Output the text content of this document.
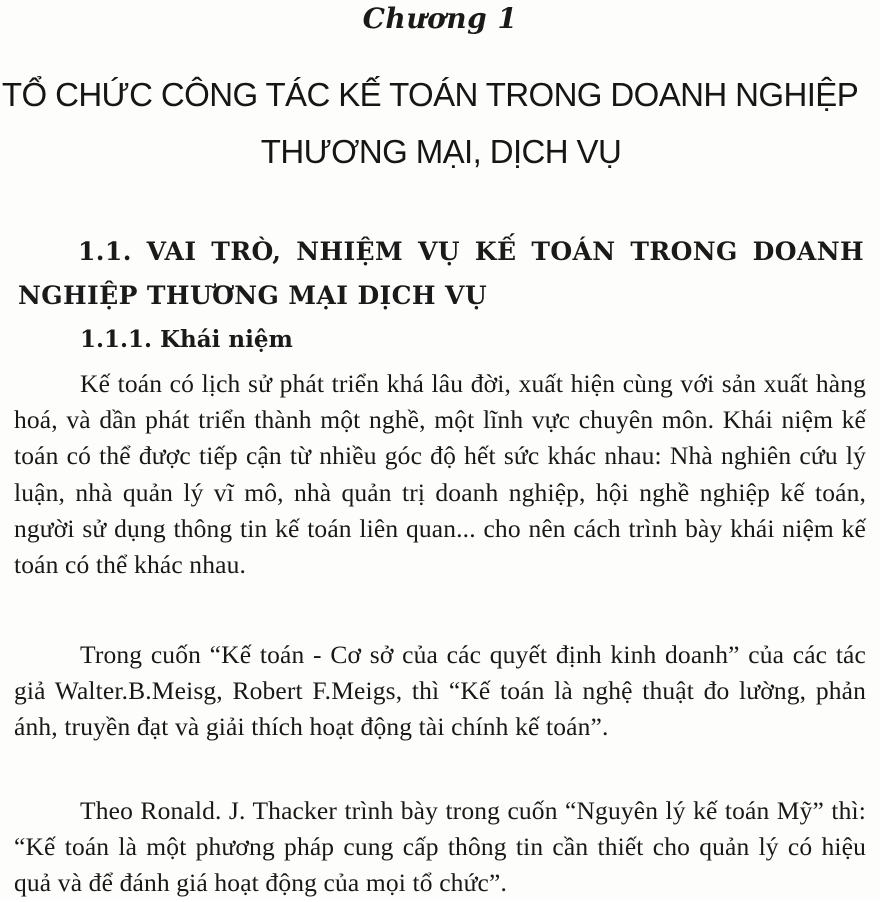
Chương 1
TỔ CHỨC CÔNG TÁC KẾ TOÁN TRONG DOANH NGHIỆP
THƯƠNG MẠI, DỊCH VỤ
1.1. VAI TRÒ, NHIỆM VỤ KẾ TOÁN TRONG DOANH NGHIỆP THƯƠNG MẠI DỊCH VỤ
1.1.1. Khái niệm
Kế toán có lịch sử phát triển khá lâu đời, xuất hiện cùng với sản xuất hàng hoá, và dần phát triển thành một nghề, một lĩnh vực chuyên môn. Khái niệm kế toán có thể được tiếp cận từ nhiều góc độ hết sức khác nhau: Nhà nghiên cứu lý luận, nhà quản lý vĩ mô, nhà quản trị doanh nghiệp, hội nghề nghiệp kế toán, người sử dụng thông tin kế toán liên quan... cho nên cách trình bày khái niệm kế toán có thể khác nhau.
Trong cuốn “Kế toán - Cơ sở của các quyết định kinh doanh” của các tác giả Walter.B.Meisg, Robert F.Meigs, thì “Kế toán là nghệ thuật đo lường, phản ánh, truyền đạt và giải thích hoạt động tài chính kế toán”.
Theo Ronald. J. Thacker trình bày trong cuốn “Nguyên lý kế toán Mỹ” thì: “Kế toán là một phương pháp cung cấp thông tin cần thiết cho quản lý có hiệu quả và để đánh giá hoạt động của mọi tổ chức”.
